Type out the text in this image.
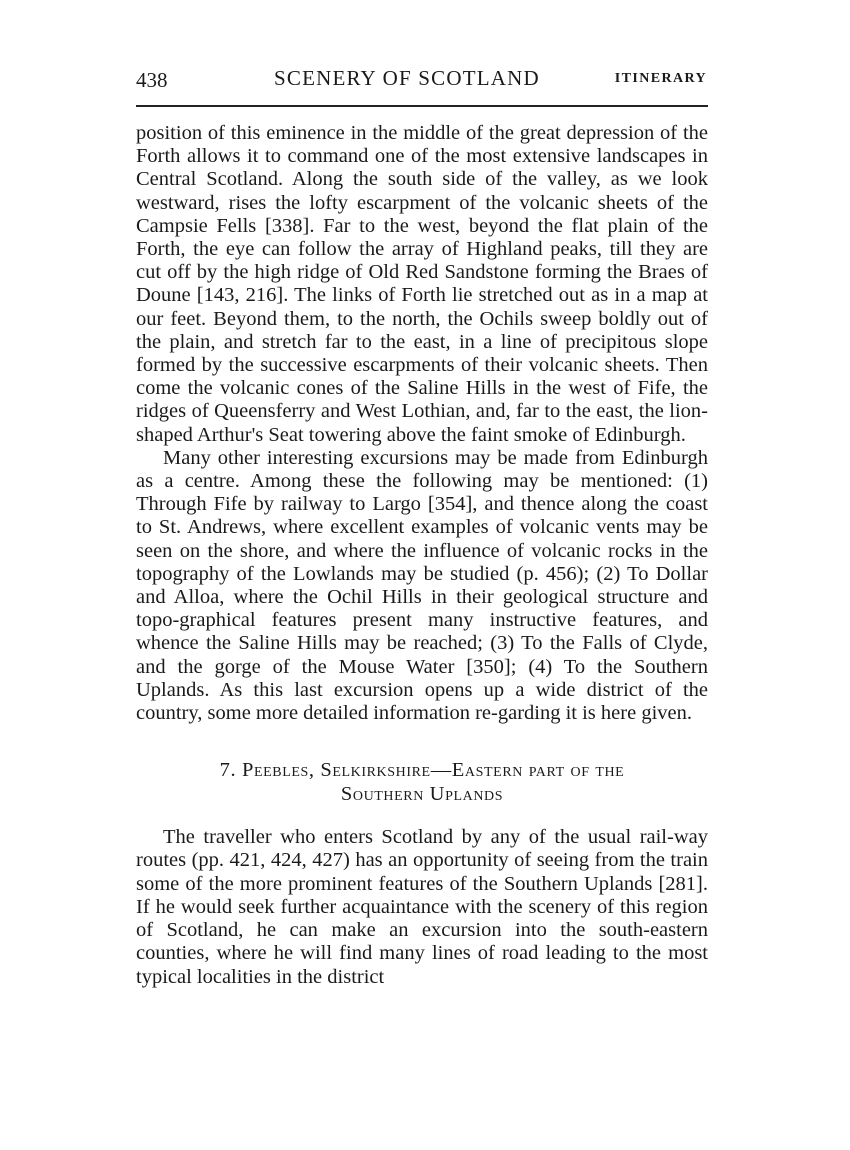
438	SCENERY OF SCOTLAND	ITINERARY

position of this eminence in the middle of the great depression of the Forth allows it to command one of the most extensive landscapes in Central Scotland. Along the south side of the valley, as we look westward, rises the lofty escarpment of the volcanic sheets of the Campsie Fells [338]. Far to the west, beyond the flat plain of the Forth, the eye can follow the array of Highland peaks, till they are cut off by the high ridge of Old Red Sandstone forming the Braes of Doune [143, 216]. The links of Forth lie stretched out as in a map at our feet. Beyond them, to the north, the Ochils sweep boldly out of the plain, and stretch far to the east, in a line of precipitous slope formed by the successive escarpments of their volcanic sheets. Then come the volcanic cones of the Saline Hills in the west of Fife, the ridges of Queensferry and West Lothian, and, far to the east, the lion-shaped Arthur's Seat towering above the faint smoke of Edinburgh.

Many other interesting excursions may be made from Edinburgh as a centre. Among these the following may be mentioned: (1) Through Fife by railway to Largo [354], and thence along the coast to St. Andrews, where excellent examples of volcanic vents may be seen on the shore, and where the influence of volcanic rocks in the topography of the Lowlands may be studied (p. 456); (2) To Dollar and Alloa, where the Ochil Hills in their geological structure and topo-graphical features present many instructive features, and whence the Saline Hills may be reached; (3) To the Falls of Clyde, and the gorge of the Mouse Water [350]; (4) To the Southern Uplands. As this last excursion opens up a wide district of the country, some more detailed information re-garding it is here given.

7. Peebles, Selkirkshire—Eastern part of the
Southern Uplands

The traveller who enters Scotland by any of the usual rail-way routes (pp. 421, 424, 427) has an opportunity of seeing from the train some of the more prominent features of the Southern Uplands [281]. If he would seek further acquaintance with the scenery of this region of Scotland, he can make an excursion into the south-eastern counties, where he will find many lines of road leading to the most typical localities in the district
